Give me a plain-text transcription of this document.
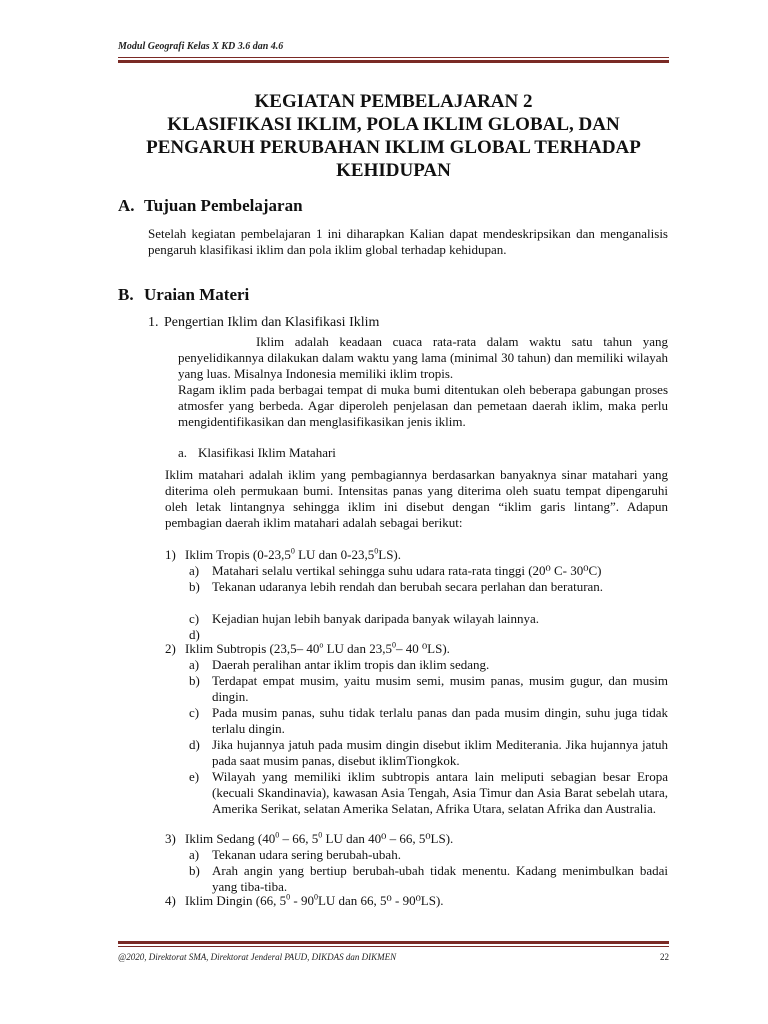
Modul Geografi Kelas X KD 3.6 dan 4.6
KEGIATAN PEMBELAJARAN 2
KLASIFIKASI IKLIM, POLA IKLIM GLOBAL, DAN
PENGARUH PERUBAHAN IKLIM GLOBAL TERHADAP
KEHIDUPAN
A. Tujuan Pembelajaran
Setelah kegiatan pembelajaran 1 ini diharapkan Kalian dapat mendeskripsikan dan menganalisis pengaruh klasifikasi iklim dan pola iklim global terhadap kehidupan.
B. Uraian Materi
1. Pengertian Iklim dan Klasifikasi Iklim
Iklim adalah keadaan cuaca rata-rata dalam waktu satu tahun yang penyelidikannya dilakukan dalam waktu yang lama (minimal 30 tahun) dan memiliki wilayah yang luas. Misalnya Indonesia memiliki iklim tropis.
Ragam iklim pada berbagai tempat di muka bumi ditentukan oleh beberapa gabungan proses atmosfer yang berbeda. Agar diperoleh penjelasan dan pemetaan daerah iklim, maka perlu mengidentifikasikan dan menglasifikasikan jenis iklim.
a. Klasifikasi Iklim Matahari
Iklim matahari adalah iklim yang pembagiannya berdasarkan banyaknya sinar matahari yang diterima oleh permukaan bumi. Intensitas panas yang diterima oleh suatu tempat dipengaruhi oleh letak lintangnya sehingga iklim ini disebut dengan “iklim garis lintang”. Adapun pembagian daerah iklim matahari adalah sebagai berikut:
1) Iklim Tropis (0-23,5$^0$ LU dan 0-23,5$^0$LS).
a) Matahari selalu vertikal sehingga suhu udara rata-rata tinggi (20⁰ C- 30⁰C)
b) Tekanan udaranya lebih rendah dan berubah secara perlahan dan beraturan.
c) Kejadian hujan lebih banyak daripada banyak wilayah lainnya.
d)
2) Iklim Subtropis (23,5– 40$^o$ LU dan 23,5$^0$– 40 ⁰LS).
a) Daerah peralihan antar iklim tropis dan iklim sedang.
b) Terdapat empat musim, yaitu musim semi, musim panas, musim gugur, dan musim dingin.
c) Pada musim panas, suhu tidak terlalu panas dan pada musim dingin, suhu juga tidak terlalu dingin.
d) Jika hujannya jatuh pada musim dingin disebut iklim Mediterania. Jika hujannya jatuh pada saat musim panas, disebut iklimTiongkok.
e) Wilayah yang memiliki iklim subtropis antara lain meliputi sebagian besar Eropa (kecuali Skandinavia), kawasan Asia Tengah, Asia Timur dan Asia Barat sebelah utara, Amerika Serikat, selatan Amerika Selatan, Afrika Utara, selatan Afrika dan Australia.
3) Iklim Sedang ($40^0 - 66$, $5^0$ LU dan 40⁰ – 66, 5⁰LS).
a) Tekanan udara sering berubah-ubah.
b) Arah angin yang bertiup berubah-ubah tidak menentu. Kadang menimbulkan badai yang tiba-tiba.
4) Iklim Dingin (66, $5^0 - 90^0LU$ dan 66, 5⁰ - 90⁰LS).
@2020, Direktorat SMA, Direktorat Jenderal PAUD, DIKDAS dan DIKMEN	22
